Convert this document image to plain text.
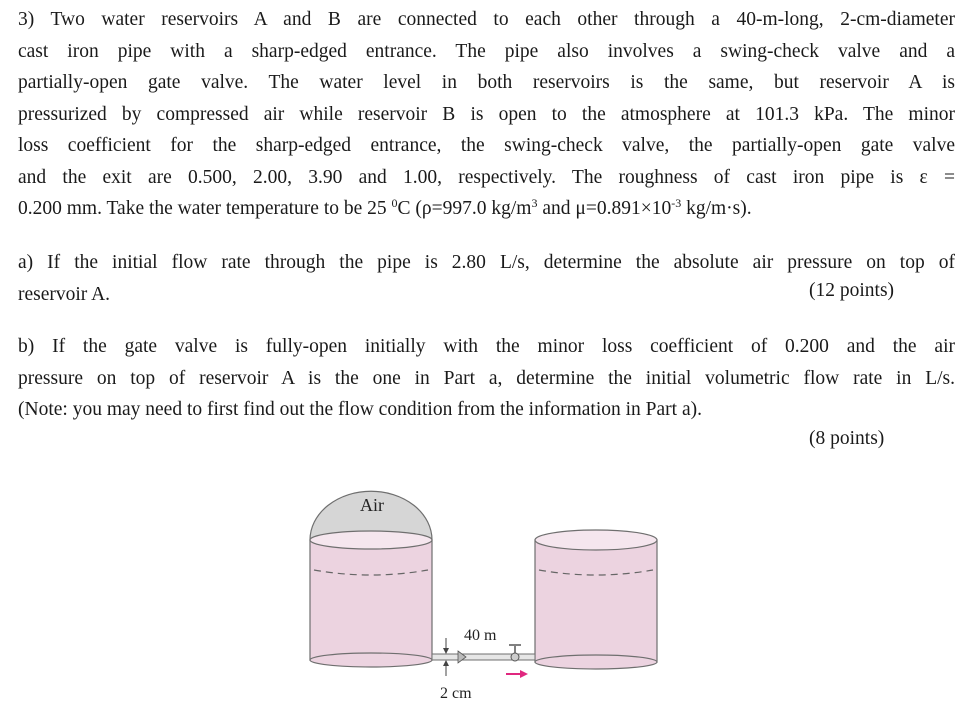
3) Two water reservoirs A and B are connected to each other through a 40-m-long, 2-cm-diameter
cast iron pipe with a sharp-edged entrance. The pipe also involves a swing-check valve and a
partially-open gate valve. The water level in both reservoirs is the same, but reservoir A is
pressurized by compressed air while reservoir B is open to the atmosphere at 101.3 kPa. The minor
loss coefficient for the sharp-edged entrance, the swing-check valve, the partially-open gate valve
and the exit are 0.500, 2.00, 3.90 and 1.00, respectively. The roughness of cast iron pipe is ε =
0.200 mm. Take the water temperature to be 25 $^0$C (ρ=997.0 $kg/m^3$ and $\mu=0.891\times 10^{-3}$ kg/m·s).
a) If the initial flow rate through the pipe is 2.80 L/s, determine the absolute air pressure on top of
reservoir A.	(12 points)
b) If the gate valve is fully-open initially with the minor loss coefficient of 0.200 and the air
pressure on top of reservoir A is the one in Part a, determine the initial volumetric flow rate in L/s.
(Note: you may need to first find out the flow condition from the information in Part a).
(8 points)
Air
40 m
2 cm
